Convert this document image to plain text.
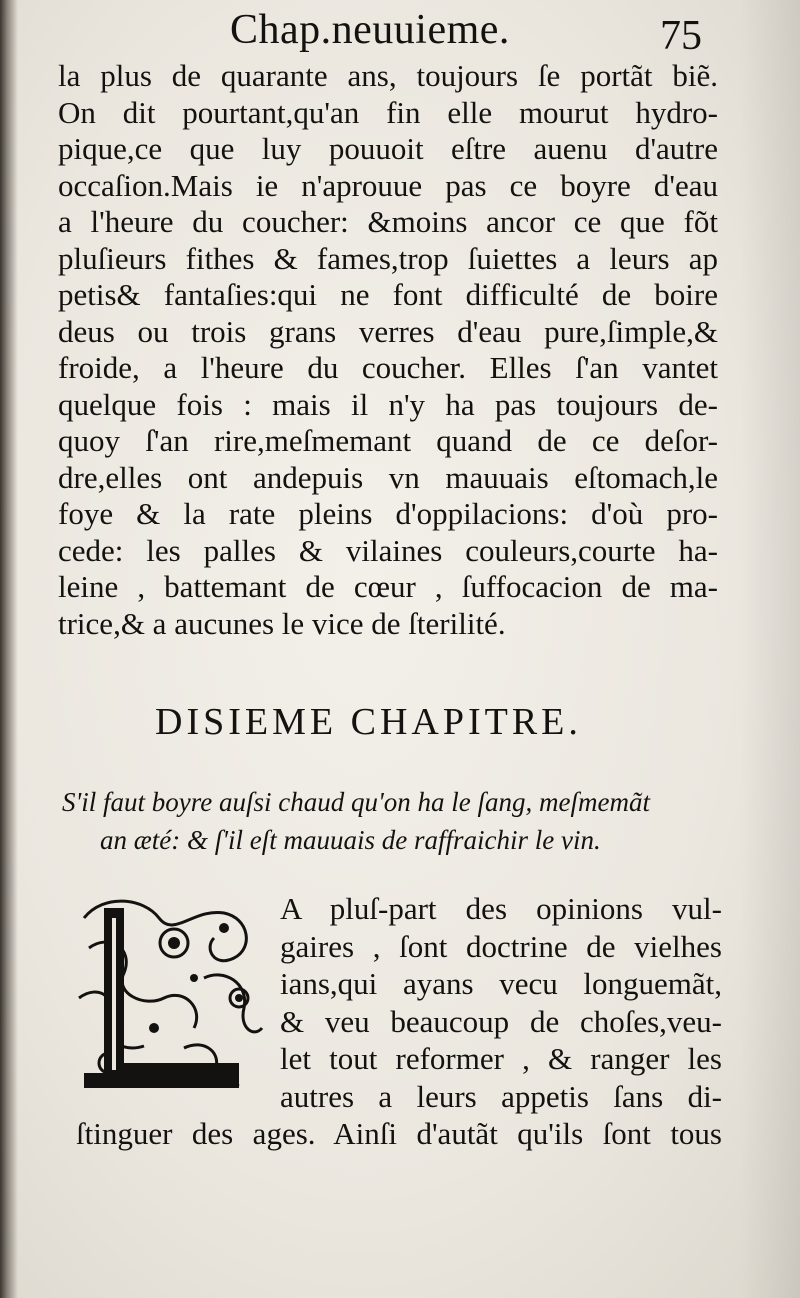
Chap.neuuieme.	75
la plus de quarante ans, toujours ſe portãt biẽ.
On dit pourtant,qu'an fin elle mourut hydro-
pique,ce que luy pouuoit eſtre auenu d'autre
occaſion.Mais ie n'aprouue pas ce boyre d'eau
a l'heure du coucher: &moins ancor ce que fõt
pluſieurs fithes & fames,trop ſuiettes a leurs ap
petis& fantaſies:qui ne font difficulté de boire
deus ou trois grans verres d'eau pure,ſimple,&
froide, a l'heure du coucher. Elles ſ'an vantet
quelque fois : mais il n'y ha pas toujours de-
quoy ſ'an rire,meſmemant quand de ce deſor-
dre,elles ont andepuis vn mauuais eſtomach,le
foye & la rate pleins d'oppilacions: d'où pro-
cede: les palles & vilaines couleurs,courte ha-
leine , battemant de cœur , ſuffocacion de ma-
trice,& a aucunes le vice de ſterilité.
DISIEME CHAPITRE.
S'il faut boyre auſsi chaud qu'on ha le ſang, meſmemãt
an æté: & ſ'il eſt mauuais de raffraichir le vin.
A pluſ-part des opinions vul-
gaires , ſont doctrine de vielhes
ians,qui ayans vecu longuemãt,
& veu beaucoup de choſes,veu-
let tout reformer , & ranger les
autres a leurs appetis ſans di-
ſtinguer des ages. Ainſi d'autãt qu'ils ſont tous
